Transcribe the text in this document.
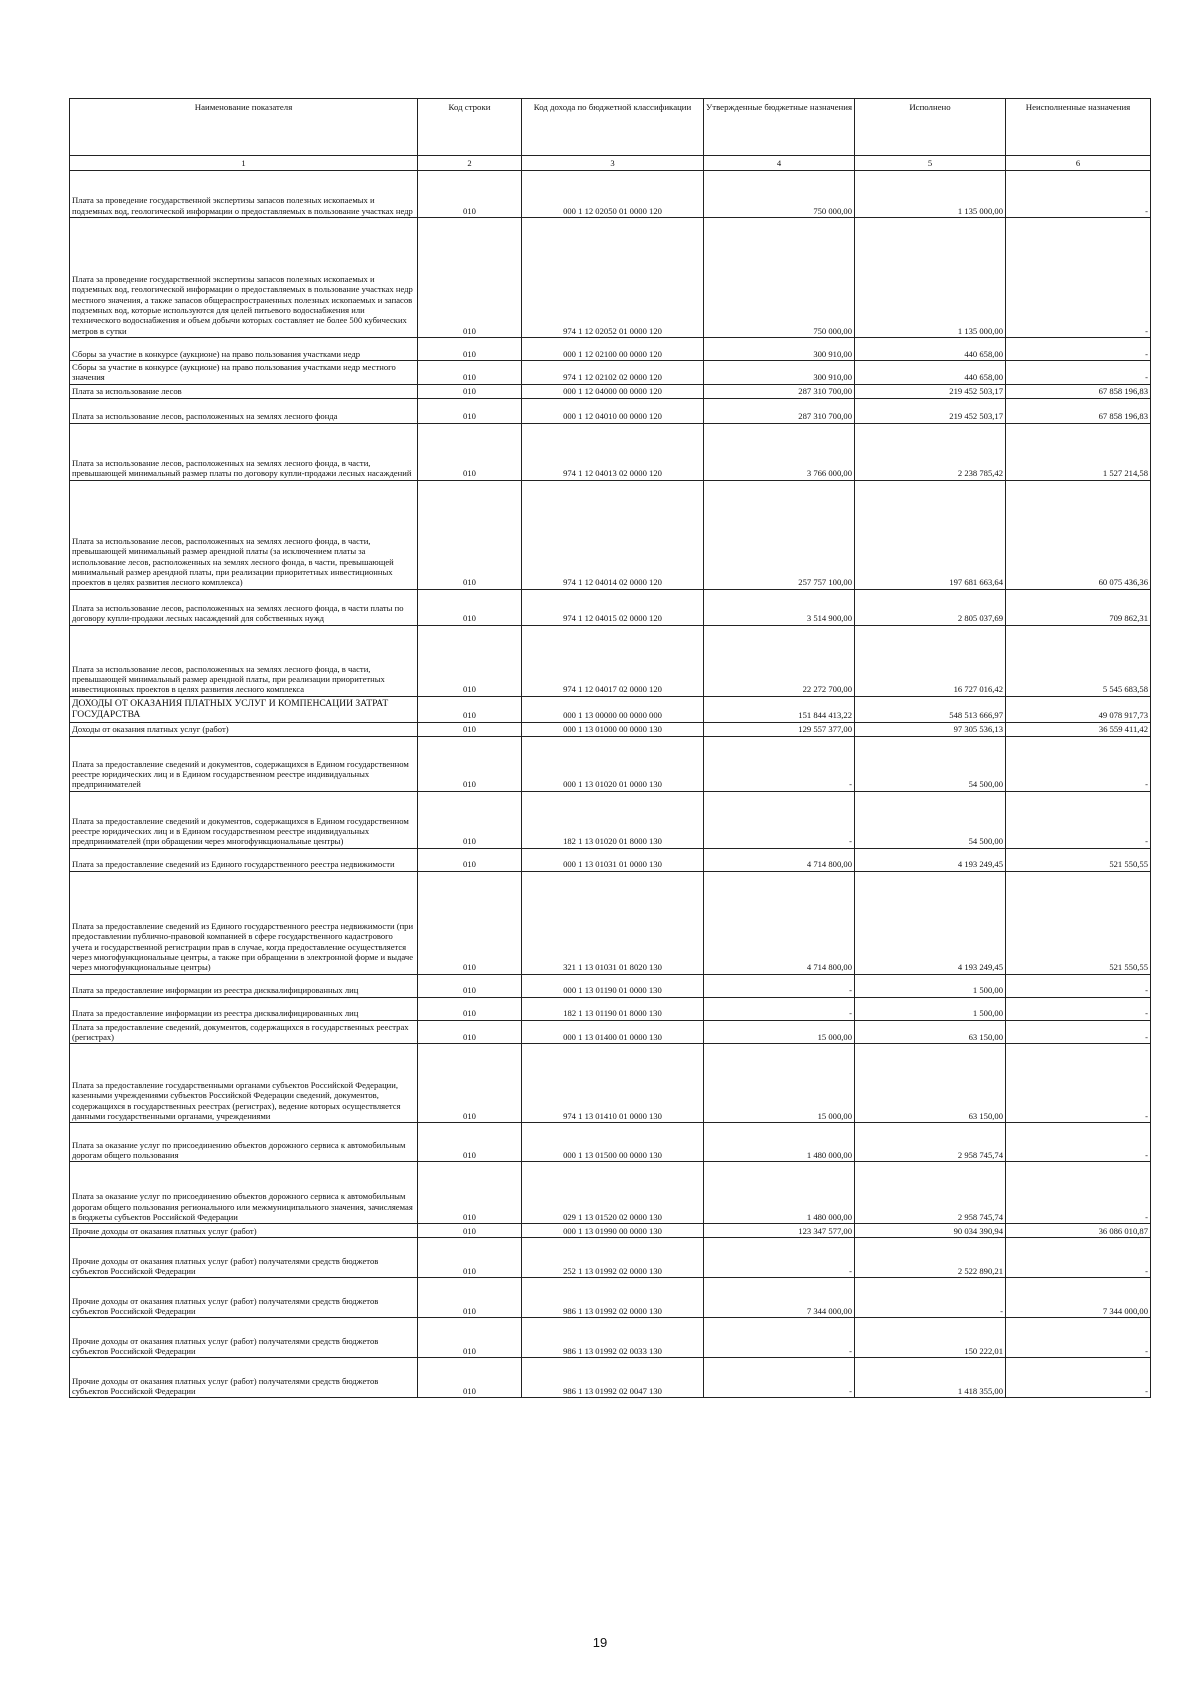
Наименование показателя	Код строки	Код дохода по бюджетной классификации	Утвержденные бюджетные назначения	Исполнено	Неисполненные назначения
1	2	3	4	5	6
Плата за проведение государственной экспертизы запасов полезных ископаемых и подземных вод, геологической информации о предоставляемых в пользование участках недр	010	000 1 12 02050 01 0000 120	750 000,00	1 135 000,00	-
Плата за проведение государственной экспертизы запасов полезных ископаемых и подземных вод, геологической информации о предоставляемых в пользование участках недр местного значения, а также запасов общераспространенных полезных ископаемых и запасов подземных вод, которые используются для целей питьевого водоснабжения или технического водоснабжения и объем добычи которых составляет не более 500 кубических метров в сутки	010	974 1 12 02052 01 0000 120	750 000,00	1 135 000,00	-
Сборы за участие в конкурсе (аукционе) на право пользования участками недр	010	000 1 12 02100 00 0000 120	300 910,00	440 658,00	-
Сборы за участие в конкурсе (аукционе) на право пользования участками недр местного значения	010	974 1 12 02102 02 0000 120	300 910,00	440 658,00	-
Плата за использование лесов	010	000 1 12 04000 00 0000 120	287 310 700,00	219 452 503,17	67 858 196,83
Плата за использование лесов, расположенных на землях лесного фонда	010	000 1 12 04010 00 0000 120	287 310 700,00	219 452 503,17	67 858 196,83
Плата за использование лесов, расположенных на землях лесного фонда, в части, превышающей минимальный размер платы по договору купли-продажи лесных насаждений	010	974 1 12 04013 02 0000 120	3 766 000,00	2 238 785,42	1 527 214,58
Плата за использование лесов, расположенных на землях лесного фонда, в части, превышающей минимальный размер арендной платы (за исключением платы за использование лесов, расположенных на землях лесного фонда, в части, превышающей минимальный размер арендной платы, при реализации приоритетных инвестиционных проектов в целях развития лесного комплекса)	010	974 1 12 04014 02 0000 120	257 757 100,00	197 681 663,64	60 075 436,36
Плата за использование лесов, расположенных на землях лесного фонда, в части платы по договору купли-продажи лесных насаждений для собственных нужд	010	974 1 12 04015 02 0000 120	3 514 900,00	2 805 037,69	709 862,31
Плата за использование лесов, расположенных на землях лесного фонда, в части, превышающей минимальный размер арендной платы, при реализации приоритетных инвестиционных проектов в целях развития лесного комплекса	010	974 1 12 04017 02 0000 120	22 272 700,00	16 727 016,42	5 545 683,58
ДОХОДЫ ОТ ОКАЗАНИЯ ПЛАТНЫХ УСЛУГ И КОМПЕНСАЦИИ ЗАТРАТ ГОСУДАРСТВА	010	000 1 13 00000 00 0000 000	151 844 413,22	548 513 666,97	49 078 917,73
Доходы от оказания платных услуг (работ)	010	000 1 13 01000 00 0000 130	129 557 377,00	97 305 536,13	36 559 411,42
Плата за предоставление сведений и документов, содержащихся в Едином государственном реестре юридических лиц и в Едином государственном реестре индивидуальных предпринимателей	010	000 1 13 01020 01 0000 130	-	54 500,00	-
Плата за предоставление сведений и документов, содержащихся в Едином государственном реестре юридических лиц и в Едином государственном реестре индивидуальных предпринимателей (при обращении через многофункциональные центры)	010	182 1 13 01020 01 8000 130	-	54 500,00	-
Плата за предоставление сведений из Единого государственного реестра недвижимости	010	000 1 13 01031 01 0000 130	4 714 800,00	4 193 249,45	521 550,55
Плата за предоставление сведений из Единого государственного реестра недвижимости (при предоставлении публично-правовой компанией в сфере государственного кадастрового учета и государственной регистрации прав в случае, когда предоставление осуществляется через многофункциональные центры, а также при обращении в электронной форме и выдаче через многофункциональные центры)	010	321 1 13 01031 01 8020 130	4 714 800,00	4 193 249,45	521 550,55
Плата за предоставление информации из реестра дисквалифицированных лиц	010	000 1 13 01190 01 0000 130	-	1 500,00	-
Плата за предоставление информации из реестра дисквалифицированных лиц	010	182 1 13 01190 01 8000 130	-	1 500,00	-
Плата за предоставление сведений, документов, содержащихся в государственных реестрах (регистрах)	010	000 1 13 01400 01 0000 130	15 000,00	63 150,00	-
Плата за предоставление государственными органами субъектов Российской Федерации, казенными учреждениями субъектов Российской Федерации сведений, документов, содержащихся в государственных реестрах (регистрах), ведение которых осуществляется данными государственными органами, учреждениями	010	974 1 13 01410 01 0000 130	15 000,00	63 150,00	-
Плата за оказание услуг по присоединению объектов дорожного сервиса к автомобильным дорогам общего пользования	010	000 1 13 01500 00 0000 130	1 480 000,00	2 958 745,74	-
Плата за оказание услуг по присоединению объектов дорожного сервиса к автомобильным дорогам общего пользования регионального или межмуниципального значения, зачисляемая в бюджеты субъектов Российской Федерации	010	029 1 13 01520 02 0000 130	1 480 000,00	2 958 745,74	-
Прочие доходы от оказания платных услуг (работ)	010	000 1 13 01990 00 0000 130	123 347 577,00	90 034 390,94	36 086 010,87
Прочие доходы от оказания платных услуг (работ) получателями средств бюджетов субъектов Российской Федерации	010	252 1 13 01992 02 0000 130	-	2 522 890,21	-
Прочие доходы от оказания платных услуг (работ) получателями средств бюджетов субъектов Российской Федерации	010	986 1 13 01992 02 0000 130	7 344 000,00	-	7 344 000,00
Прочие доходы от оказания платных услуг (работ) получателями средств бюджетов субъектов Российской Федерации	010	986 1 13 01992 02 0033 130	-	150 222,01	-
Прочие доходы от оказания платных услуг (работ) получателями средств бюджетов субъектов Российской Федерации	010	986 1 13 01992 02 0047 130	-	1 418 355,00	-
19
